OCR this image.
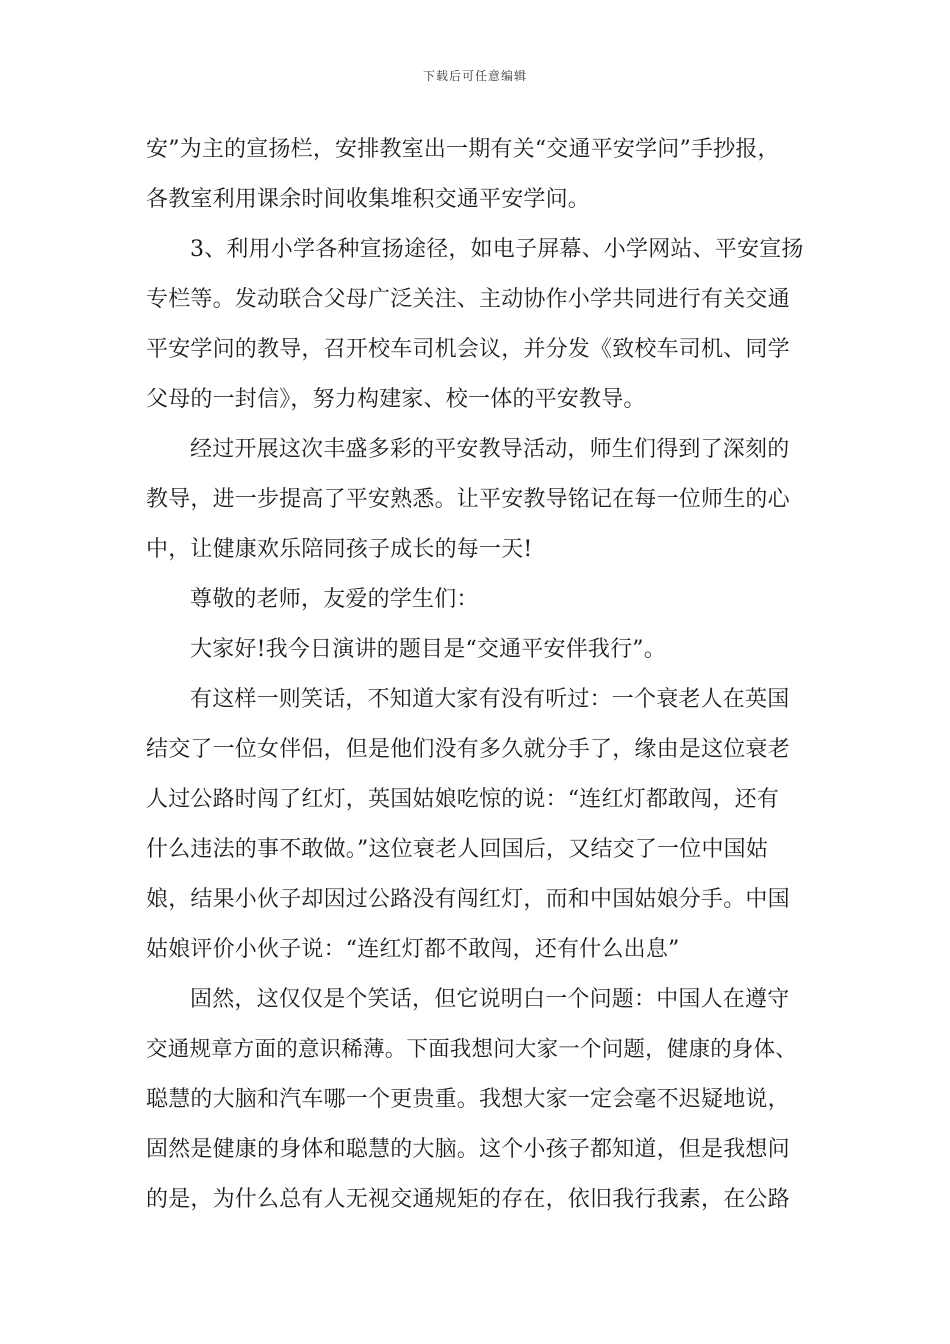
下载后可任意编辑
安”为主的宣扬栏，安排教室出一期有关“交通平安学问”手抄报，
各教室利用课余时间收集堆积交通平安学问。
3、利用小学各种宣扬途径，如电子屏幕、小学网站、平安宣扬
专栏等。发动联合父母广泛关注、主动协作小学共同进行有关交通
平安学问的教导，召开校车司机会议，并分发《致校车司机、同学
父母的一封信》，努力构建家、校一体的平安教导。
经过开展这次丰盛多彩的平安教导活动，师生们得到了深刻的
教导，进一步提高了平安熟悉。让平安教导铭记在每一位师生的心
中，让健康欢乐陪同孩子成长的每一天!
尊敬的老师，友爱的学生们：
大家好!我今日演讲的题目是“交通平安伴我行”。
有这样一则笑话，不知道大家有没有听过：一个衰老人在英国
结交了一位女伴侣，但是他们没有多久就分手了，缘由是这位衰老
人过公路时闯了红灯，英国姑娘吃惊的说：“连红灯都敢闯，还有
什么违法的事不敢做。”这位衰老人回国后，又结交了一位中国姑
娘，结果小伙子却因过公路没有闯红灯，而和中国姑娘分手。中国
姑娘评价小伙子说：“连红灯都不敢闯，还有什么出息”
固然，这仅仅是个笑话，但它说明白一个问题：中国人在遵守
交通规章方面的意识稀薄。下面我想问大家一个问题，健康的身体、
聪慧的大脑和汽车哪一个更贵重。我想大家一定会毫不迟疑地说，
固然是健康的身体和聪慧的大脑。这个小孩子都知道，但是我想问
的是，为什么总有人无视交通规矩的存在，依旧我行我素，在公路
